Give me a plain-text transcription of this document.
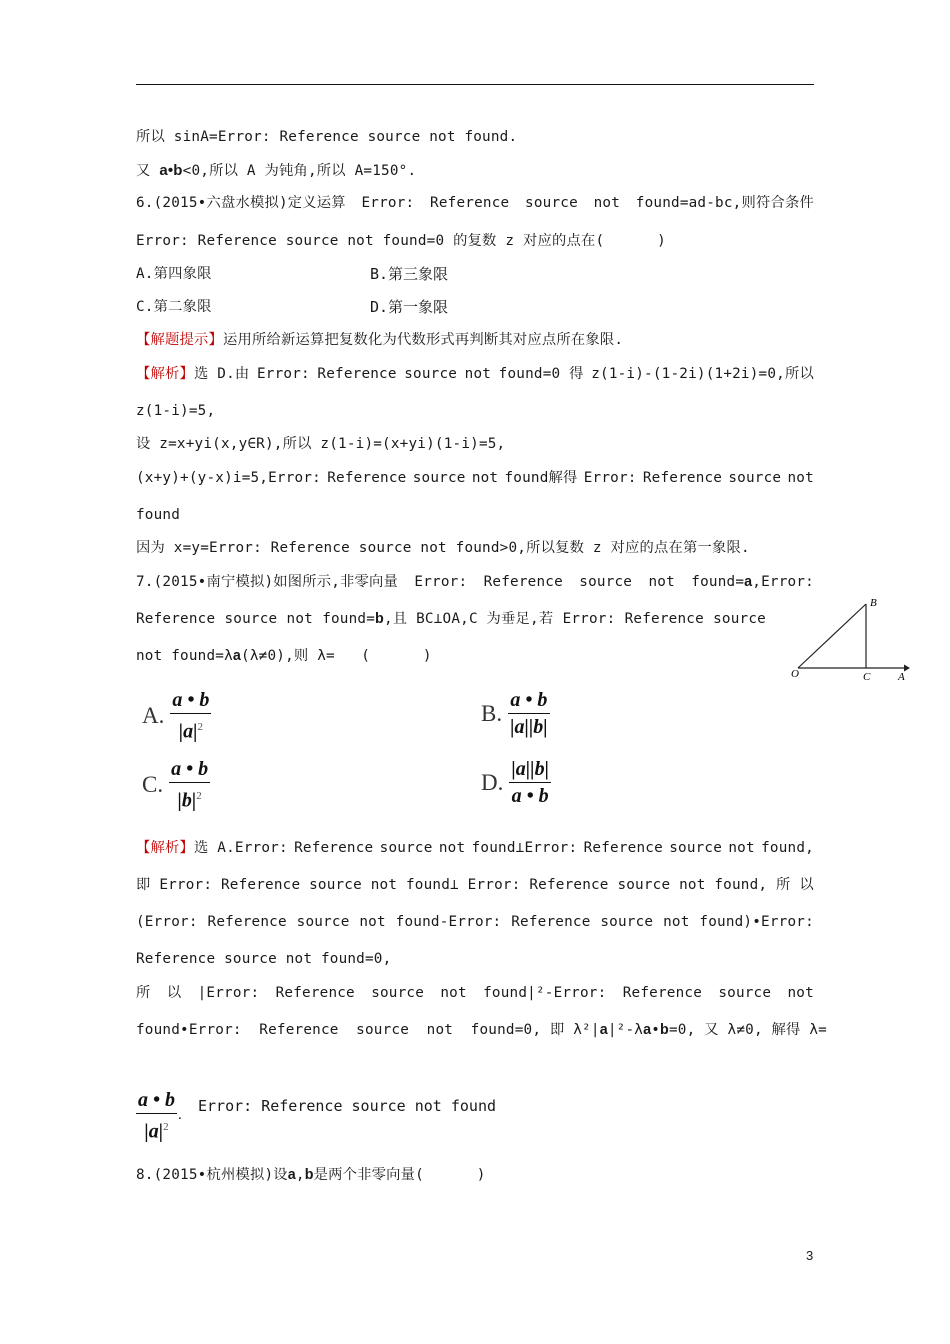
所以 sinA=Error: Reference source not found.
又 a•b<0,所以 A 为钝角,所以 A=150°.
6.(2015•六盘水模拟)定义运算 Error: Reference source not found=ad-bc,则符合条件
Error: Reference source not found=0 的复数 z 对应的点在(      )
A.第四象限	B.第三象限
C.第二象限	D.第一象限
【解题提示】运用所给新运算把复数化为代数形式再判断其对应点所在象限.
【解析】选 D.由 Error: Reference source not found=0 得 z(1-i)-(1-2i)(1+2i)=0,所以
z(1-i)=5,
设 z=x+yi(x,y∈R),所以 z(1-i)=(x+yi)(1-i)=5,
(x+y)+(y-x)i=5,Error: Reference source not found解得 Error: Reference source not
found
因为 x=y=Error: Reference source not found>0,所以复数 z 对应的点在第一象限.
7.(2015•南宁模拟)如图所示,非零向量 Error: Reference source not found=a,Error:
Reference source not found=b,且 BC⊥OA,C 为垂足,若 Error: Reference source
not found=λa(λ≠0),则 λ=   (      )
O	A
B
C
A. $\frac{a • b}{|a|^2}$	B. $\frac{a • b}{|a||b|}$
C. $\frac{a • b}{|b|^2}$	D. $\frac{|a||b|}{a • b}$
【解析】选 A.Error: Reference source not found⊥Error: Reference source not found,
即 Error: Reference source not found⊥ Error: Reference source not found, 所 以
(Error: Reference source not found-Error: Reference source not found)•Error:
Reference source not found=0,
所 以 |Error: Reference source not found|²-Error: Reference source not
found•Error:  Reference  source  not  found=0, 即 λ²|a|²-λa•b=0, 又 λ≠0, 解得 λ=
$\frac{a • b}{|a|^2}$ .
Error: Reference source not found
8.(2015•杭州模拟)设a,b是两个非零向量(      )
3
